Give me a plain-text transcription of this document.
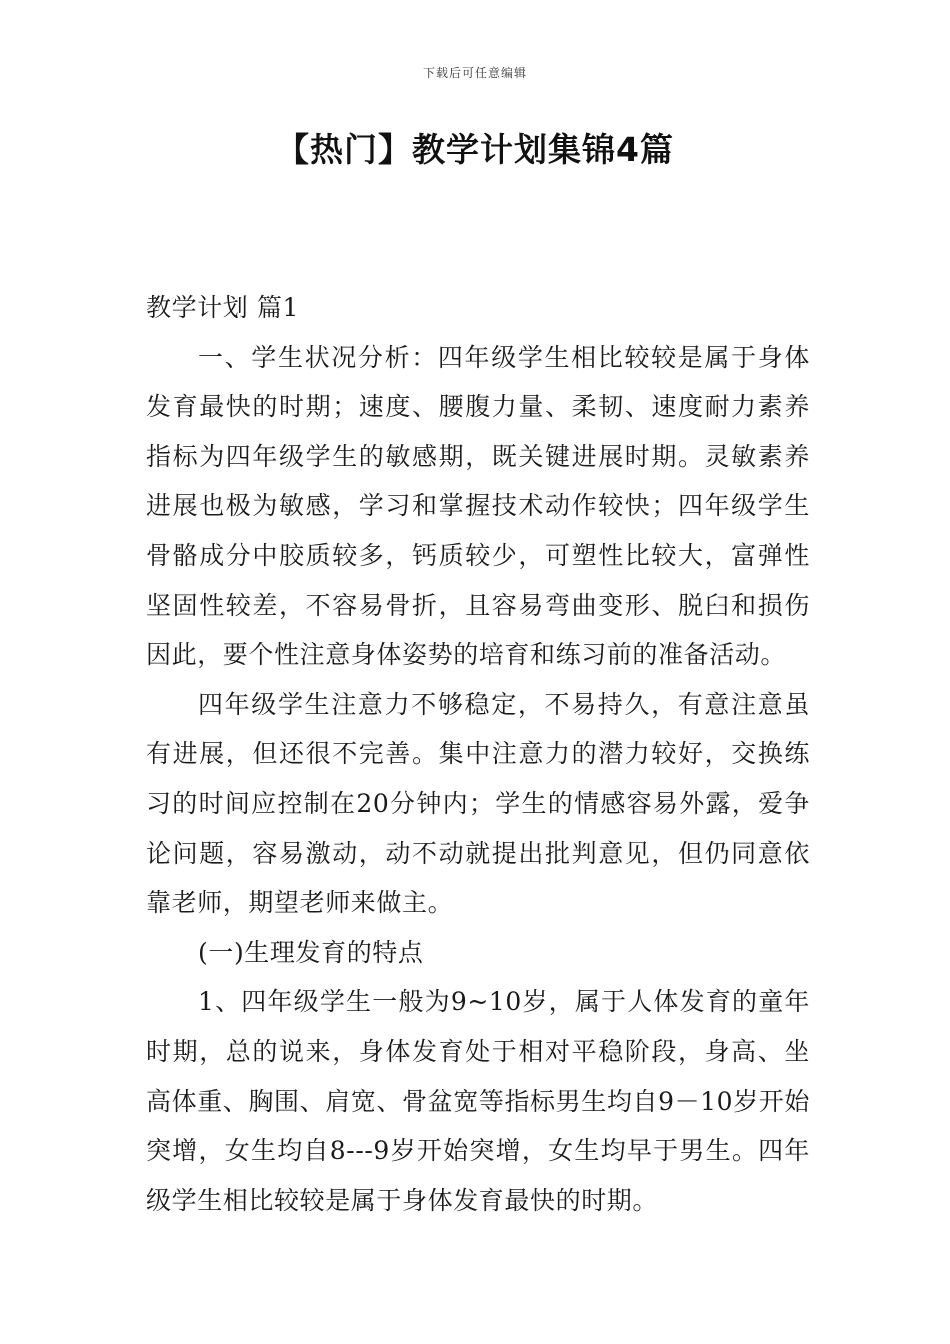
下载后可任意编辑
【热门】教学计划集锦4篇

教学计划 篇1

一、学生状况分析：四年级学生相比较较是属于身体发育最快的时期；速度、腰腹力量、柔韧、速度耐力素养指标为四年级学生的敏感期，既关键进展时期。灵敏素养进展也极为敏感，学习和掌握技术动作较快；四年级学生骨骼成分中胶质较多，钙质较少，可塑性比较大，富弹性坚固性较差，不容易骨折，且容易弯曲变形、脱臼和损伤因此，要个性注意身体姿势的培育和练习前的准备活动。

四年级学生注意力不够稳定，不易持久，有意注意虽有进展，但还很不完善。集中注意力的潜力较好，交换练习的时间应控制在20分钟内；学生的情感容易外露，爱争论问题，容易激动，动不动就提出批判意见，但仍同意依靠老师，期望老师来做主。

(一)生理发育的特点

1、四年级学生一般为9~10岁，属于人体发育的童年时期，总的说来，身体发育处于相对平稳阶段，身高、坐高体重、胸围、肩宽、骨盆宽等指标男生均自9－10岁开始突增，女生均自8---9岁开始突增，女生均早于男生。四年级学生相比较较是属于身体发育最快的时期。
